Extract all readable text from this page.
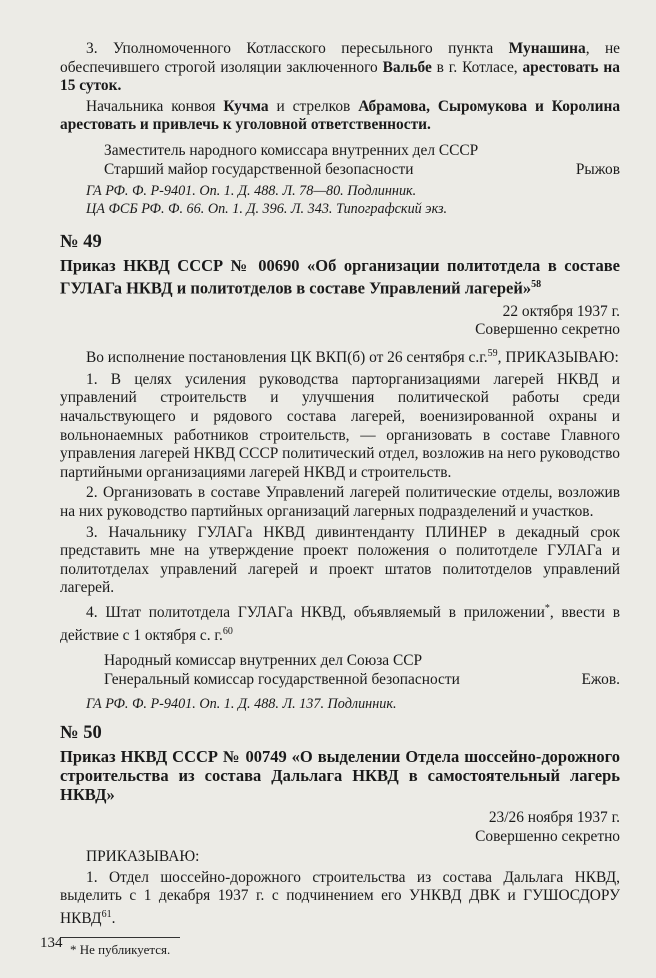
3. Уполномоченного Котласского пересыльного пункта Мунашина, не обеспечившего строгой изоляции заключенного Вальбе в г. Котласе, арестовать на 15 суток.

Начальника конвоя Кучма и стрелков Абрамова, Сыромукова и Королина арестовать и привлечь к уголовной ответственности.

Заместитель народного комиссара внутренних дел СССР

Старший майор государственной безопасности	Рыжов

ГА РФ. Ф. Р-9401. Оп. 1. Д. 488. Л. 78—80. Подлинник.

ЦА ФСБ РФ. Ф. 66. Оп. 1. Д. 396. Л. 343. Типографский экз.

№ 49

Приказ НКВД СССР № 00690 «Об организации политотдела в составе ГУЛАГа НКВД и политотделов в составе Управлений лагерей»$^{58}$

22 октября 1937 г.

Совершенно секретно

Во исполнение постановления ЦК ВКП(б) от 26 сентября с.г.$^{59}$, ПРИКАЗЫВАЮ:

1. В целях усиления руководства парторганизациями лагерей НКВД и управлений строительств и улучшения политической работы среди начальствующего и рядового состава лагерей, военизированной охраны и вольнонаемных работников строительств, — организовать в составе Главного управления лагерей НКВД СССР политический отдел, возложив на него руководство партийными организациями лагерей НКВД и строительств.

2. Организовать в составе Управлений лагерей политические отделы, возложив на них руководство партийных организаций лагерных подразделений и участков.

3. Начальнику ГУЛАГа НКВД дивинтенданту ПЛИНЕР в декадный срок представить мне на утверждение проект положения о политотделе ГУЛАГа и политотделах управлений лагерей и проект штатов политотделов управлений лагерей.

4. Штат политотдела ГУЛАГа НКВД, объявляемый в приложении*, ввести в действие с 1 октября с. г.$^{60}$

Народный комиссар внутренних дел Союза ССР

Генеральный комиссар государственной безопасности	Ежов.

ГА РФ. Ф. Р-9401. Оп. 1. Д. 488. Л. 137. Подлинник.

№ 50

Приказ НКВД СССР № 00749 «О выделении Отдела шоссейно-дорожного строительства из состава Дальлага НКВД в самостоятельный лагерь НКВД»

23/26 ноября 1937 г.

Совершенно секретно

ПРИКАЗЫВАЮ:

1. Отдел шоссейно-дорожного строительства из состава Дальлага НКВД, выделить с 1 декабря 1937 г. с подчинением его УНКВД ДВК и ГУШОСДОРУ НКВД$^{61}$.

* Не публикуется.

134
